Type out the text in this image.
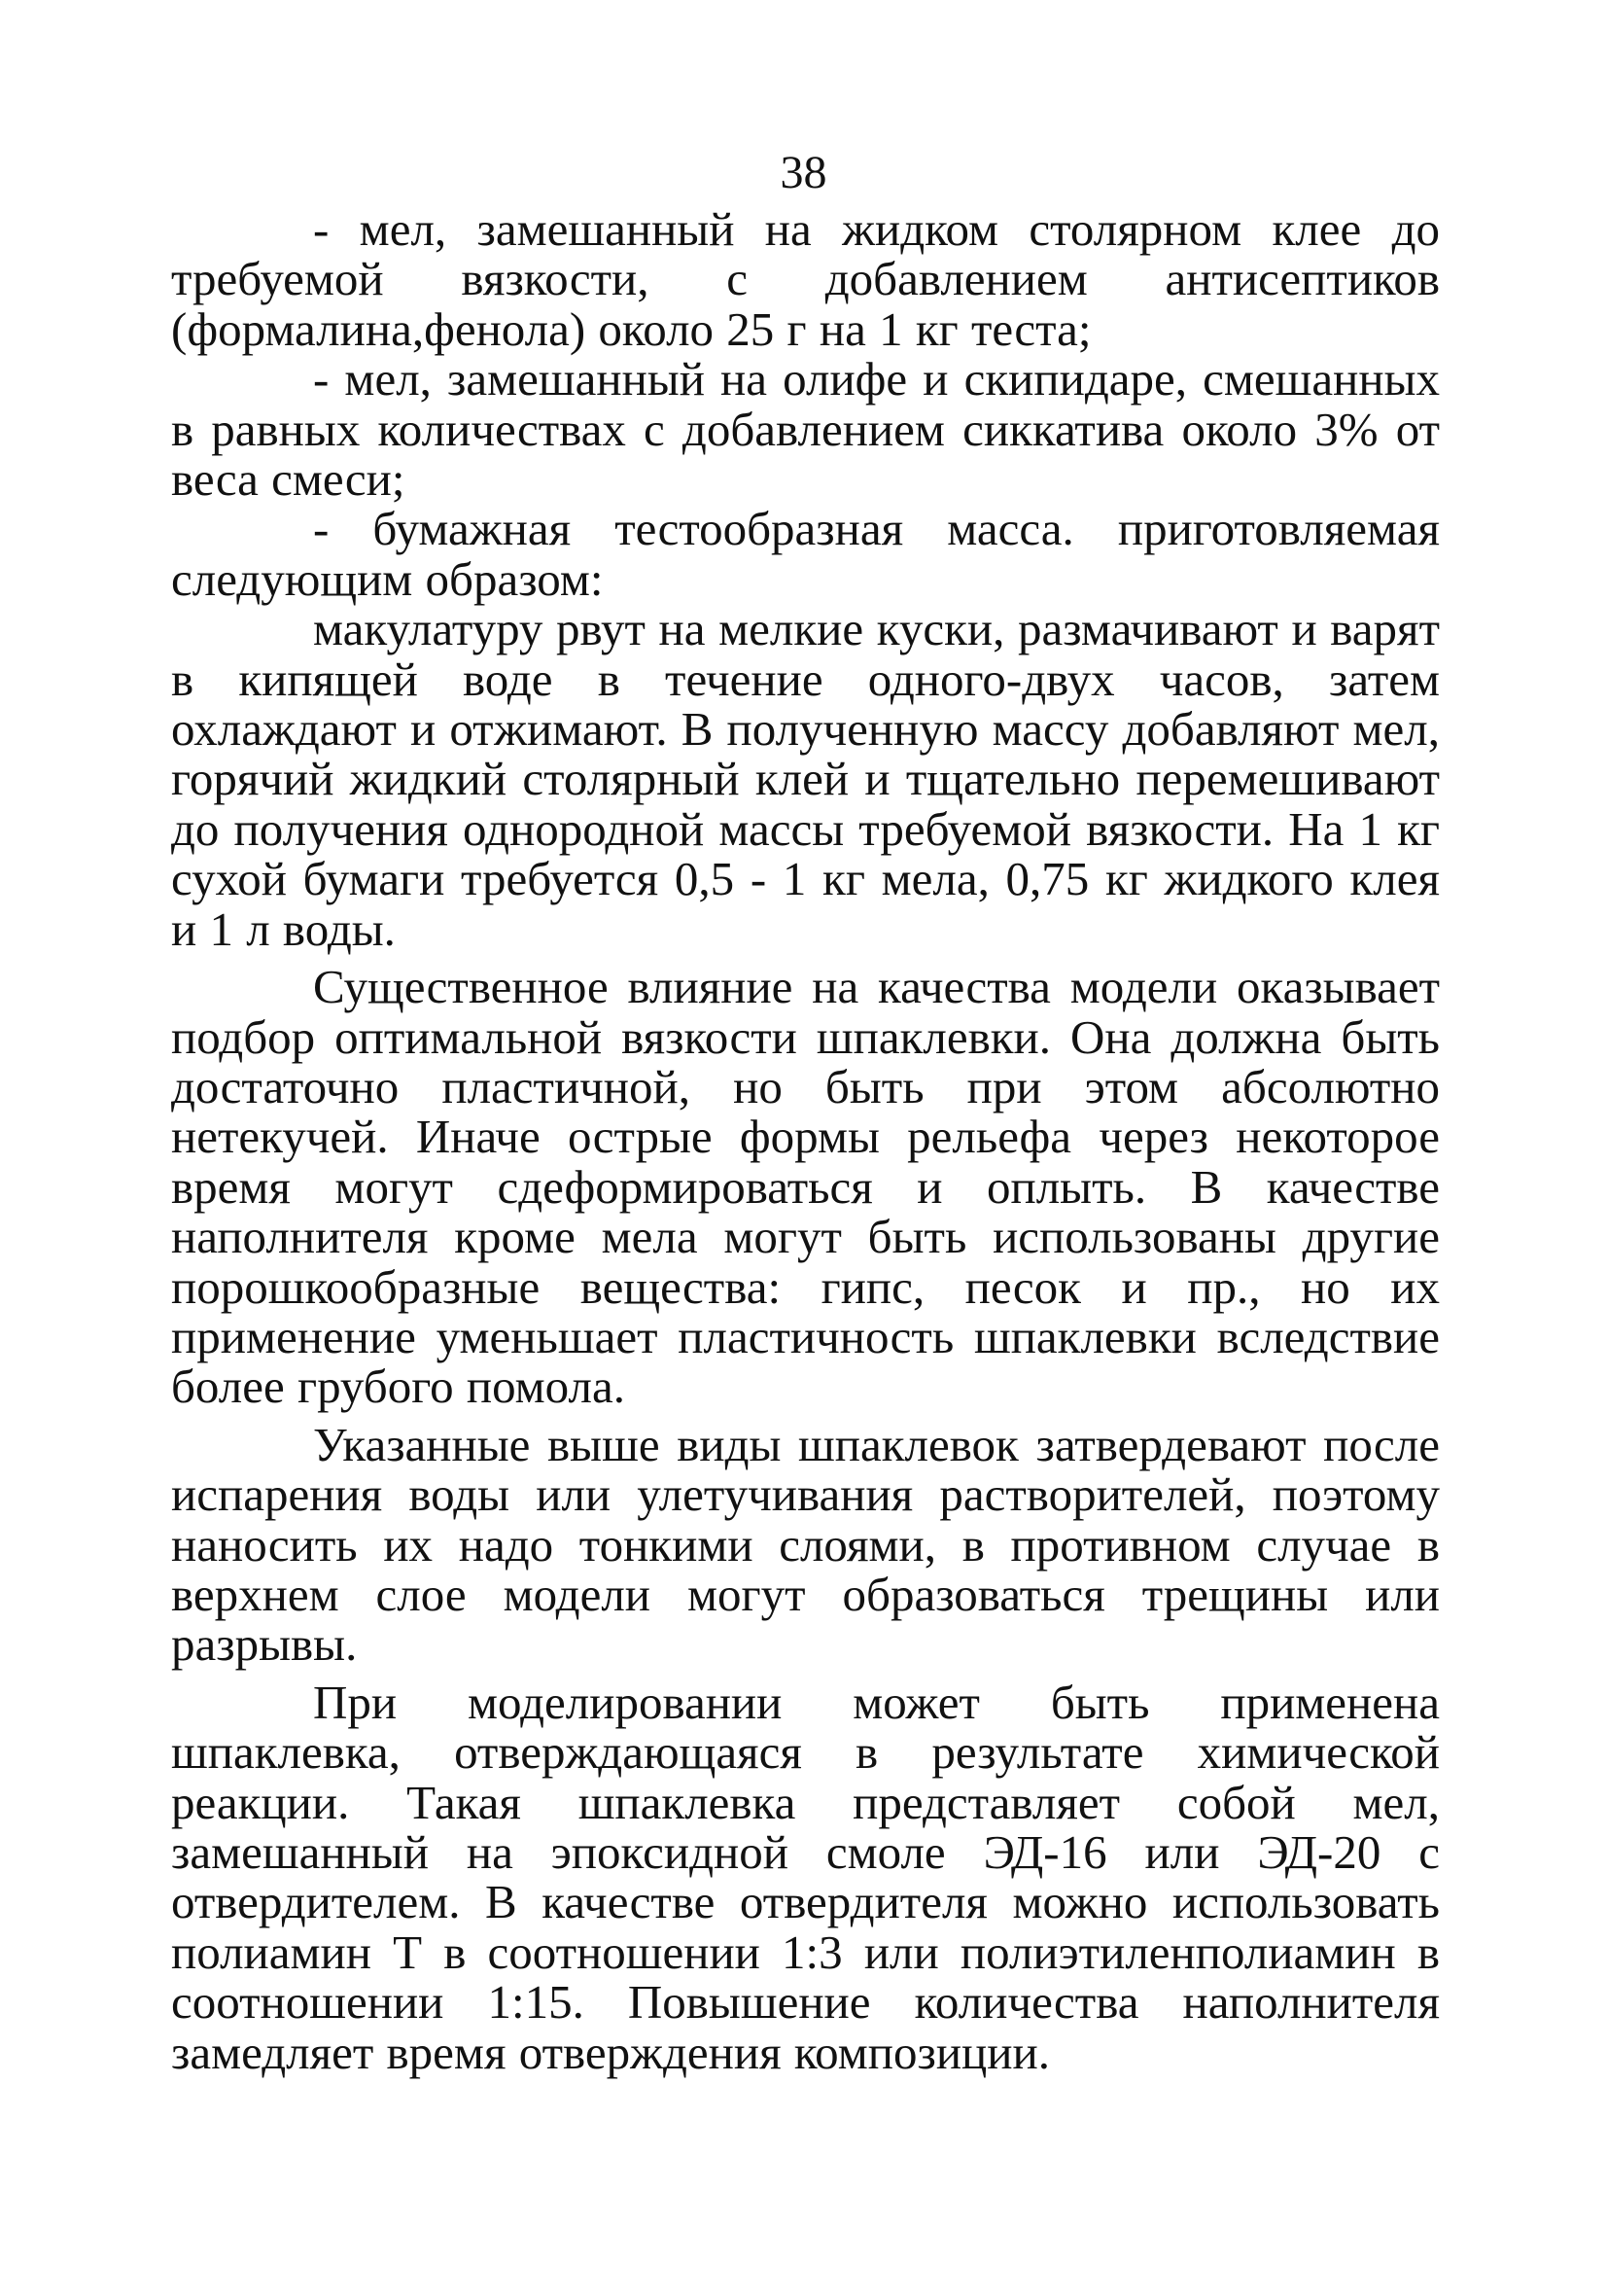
38

- мел, замешанный на жидком столярном клее до требуемой вязкости, с добавлением антисептиков (формалина,фенола) около 25 г на 1 кг теста;

- мел, замешанный на олифе и скипидаре, смешанных в равных количествах с добавлением сиккатива около 3% от веса смеси;

- бумажная тестообразная масса. приготовляемая следующим образом:

макулатуру рвут на мелкие куски, размачивают и варят в кипящей воде в течение одного-двух часов, затем охлаждают и отжимают. В полученную массу добавляют мел, горячий жидкий столярный клей и тщательно перемешивают до получения однородной массы требуемой вязкости. На 1 кг сухой бумаги требуется 0,5 - 1 кг мела, 0,75 кг жидкого клея и 1 л воды.

Существенное влияние на качества модели оказывает подбор оптимальной вязкости шпаклевки. Она должна быть достаточно пластичной, но быть при этом абсолютно нетекучей. Иначе острые формы рельефа через некоторое время могут сдеформироваться и оплыть. В качестве наполнителя кроме мела могут быть использованы другие порошкообразные вещества: гипс, песок и пр., но их применение уменьшает пластичность шпаклевки вследствие более грубого помола.

Указанные выше виды шпаклевок затвердевают после испарения воды или улетучивания растворителей, поэтому наносить их надо тонкими слоями, в противном случае в верхнем слое модели могут образоваться трещины или разрывы.

При моделировании может быть применена шпаклевка, отверждающаяся в результате химической реакции. Такая шпаклевка представляет собой мел, замешанный на эпоксидной смоле ЭД-16 или ЭД-20 с отвердителем. В качестве отвердителя можно использовать полиамин Т в соотношении 1:3 или полиэтиленполиамин в соотношении 1:15. Повышение количества наполнителя замедляет время отверждения композиции.
